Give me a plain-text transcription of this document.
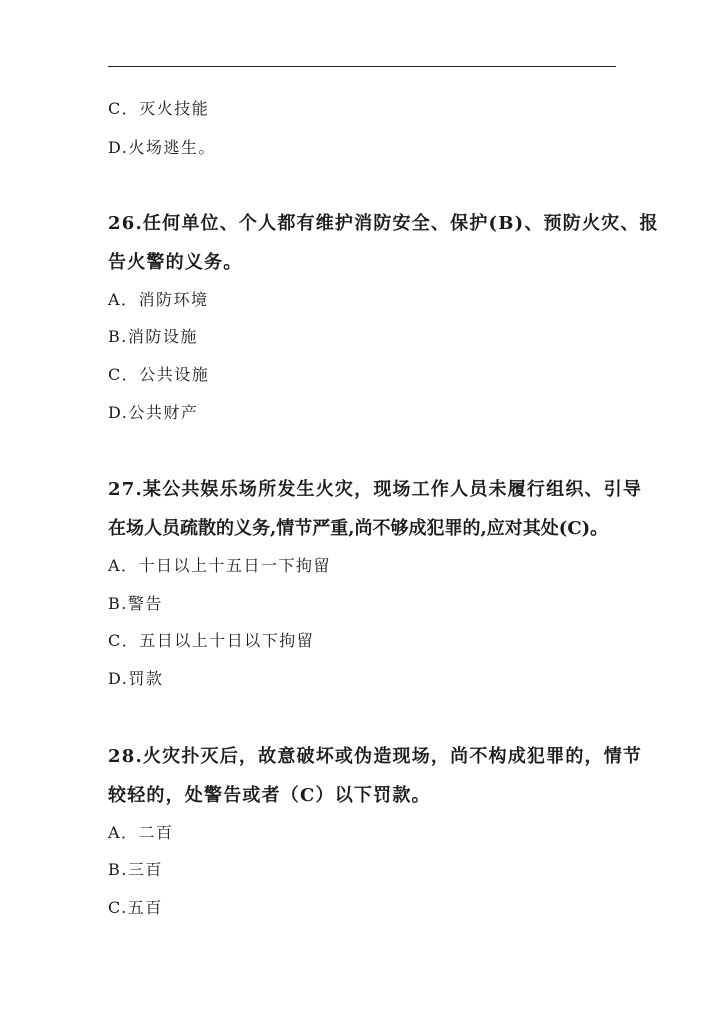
C．灭火技能
D.火场逃生。
26.任何单位、个人都有维护消防安全、保护(B)、预防火灾、报
告火警的义务。
A．消防环境
B.消防设施
C．公共设施
D.公共财产
27.某公共娱乐场所发生火灾，现场工作人员未履行组织、引导
在场人员疏散的义务,情节严重,尚不够成犯罪的,应对其处(C)。
A．十日以上十五日一下拘留
B.警告
C．五日以上十日以下拘留
D.罚款
28.火灾扑灭后，故意破坏或伪造现场，尚不构成犯罪的，情节
较轻的，处警告或者（C）以下罚款。
A．二百
B.三百
C.五百
